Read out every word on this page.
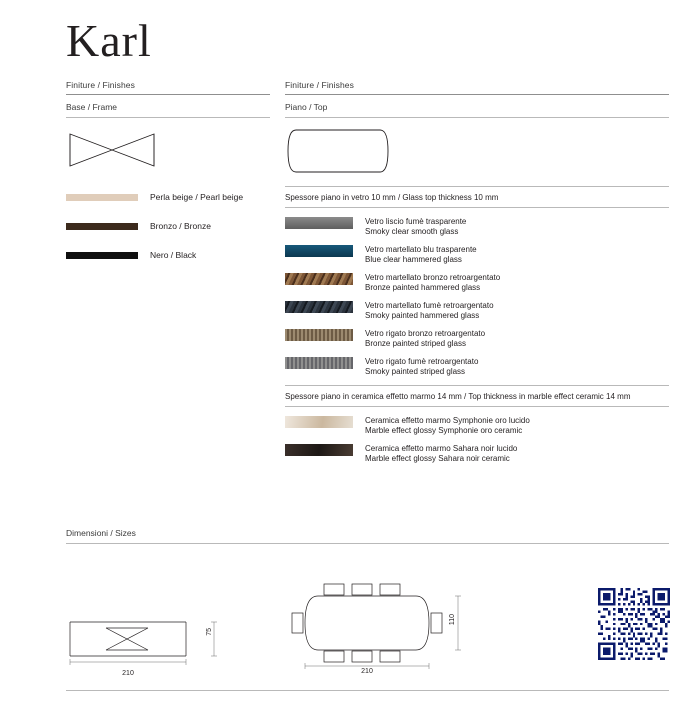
Karl
Finiture / Finishes
Base / Frame
Perla beige / Pearl beige
Bronzo / Bronze
Nero / Black
Finiture / Finishes
Piano / Top
Spessore piano in vetro 10 mm / Glass top thickness 10 mm
Vetro liscio fumè trasparente
Smoky clear smooth glass
Vetro martellato blu trasparente
Blue clear hammered glass
Vetro martellato bronzo retroargentato
Bronze painted hammered glass
Vetro martellato fumè retroargentato
Smoky painted hammered glass
Vetro rigato bronzo retroargentato
Bronze painted striped glass
Vetro rigato fumè retroargentato
Smoky painted striped glass
Spessore piano in ceramica effetto marmo 14 mm / Top thickness in marble effect ceramic 14 mm
Ceramica effetto marmo Symphonie oro lucido
Marble effect glossy Symphonie oro ceramic
Ceramica effetto marmo Sahara noir lucido
Marble effect glossy Sahara noir ceramic
Dimensioni / Sizes
210
75
210
110
